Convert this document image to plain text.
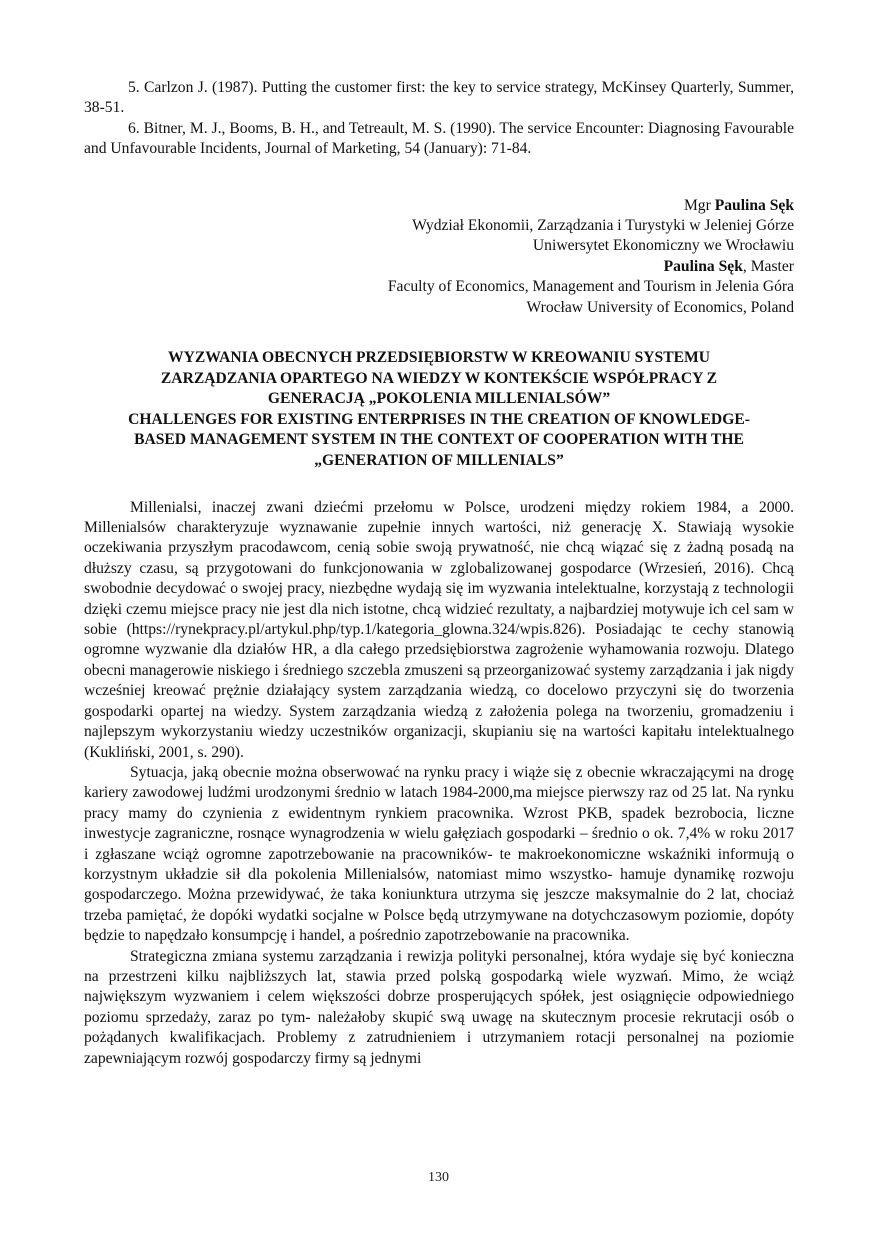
5. Carlzon J. (1987). Putting the customer first: the key to service strategy, McKinsey Quarterly, Summer, 38-51.

6. Bitner, M. J., Booms, B. H., and Tetreault, M. S. (1990). The service Encounter: Diagnosing Favourable and Unfavourable Incidents, Journal of Marketing, 54 (January): 71-84.

Mgr Paulina Sęk
Wydział Ekonomii, Zarządzania i Turystyki w Jeleniej Górze
Uniwersytet Ekonomiczny we Wrocławiu
Paulina Sęk, Master
Faculty of Economics, Management and Tourism in Jelenia Góra
Wrocław University of Economics, Poland
WYZWANIA OBECNYCH PRZEDSIĘBIORSTW W KREOWANIU SYSTEMU
ZARZĄDZANIA OPARTEGO NA WIEDZY W KONTEKŚCIE WSPÓŁPRACY Z
GENERACJĄ „POKOLENIA MILLENIALSÓW”
CHALLENGES FOR EXISTING ENTERPRISES IN THE CREATION OF KNOWLEDGE-
BASED MANAGEMENT SYSTEM IN THE CONTEXT OF COOPERATION WITH THE
„GENERATION OF MILLENIALS”

Millenialsi, inaczej zwani dziećmi przełomu w Polsce, urodzeni między rokiem 1984, a 2000. Millenialsów charakteryzuje wyznawanie zupełnie innych wartości, niż generację X. Stawiają wysokie oczekiwania przyszłym pracodawcom, cenią sobie swoją prywatność, nie chcą wiązać się z żadną posadą na dłuższy czasu, są przygotowani do funkcjonowania w zglobalizowanej gospodarce (Wrzesień, 2016). Chcą swobodnie decydować o swojej pracy, niezbędne wydają się im wyzwania intelektualne, korzystają z technologii dzięki czemu miejsce pracy nie jest dla nich istotne, chcą widzieć rezultaty, a najbardziej motywuje ich cel sam w sobie (https://rynekpracy.pl/artykul.php/typ.1/kategoria_glowna.324/wpis.826). Posiadając te cechy stanowią ogromne wyzwanie dla działów HR, a dla całego przedsiębiorstwa zagrożenie wyhamowania rozwoju. Dlatego obecni managerowie niskiego i średniego szczebla zmuszeni są przeorganizować systemy zarządzania i jak nigdy wcześniej kreować prężnie działający system zarządzania wiedzą, co docelowo przyczyni się do tworzenia gospodarki opartej na wiedzy. System zarządzania wiedzą z założenia polega na tworzeniu, gromadzeniu i najlepszym wykorzystaniu wiedzy uczestników organizacji, skupianiu się na wartości kapitału intelektualnego (Kukliński, 2001, s. 290).

Sytuacja, jaką obecnie można obserwować na rynku pracy i wiąże się z obecnie wkraczającymi na drogę kariery zawodowej ludźmi urodzonymi średnio w latach 1984-2000,ma miejsce pierwszy raz od 25 lat. Na rynku pracy mamy do czynienia z ewidentnym rynkiem pracownika. Wzrost PKB, spadek bezrobocia, liczne inwestycje zagraniczne, rosnące wynagrodzenia w wielu gałęziach gospodarki – średnio o ok. 7,4% w roku 2017 i zgłaszane wciąż ogromne zapotrzebowanie na pracowników- te makroekonomiczne wskaźniki informują o korzystnym układzie sił dla pokolenia Millenialsów, natomiast mimo wszystko- hamuje dynamikę rozwoju gospodarczego. Można przewidywać, że taka koniunktura utrzyma się jeszcze maksymalnie do 2 lat, chociaż trzeba pamiętać, że dopóki wydatki socjalne w Polsce będą utrzymywane na dotychczasowym poziomie, dopóty będzie to napędzało konsumpcję i handel, a pośrednio zapotrzebowanie na pracownika.

Strategiczna zmiana systemu zarządzania i rewizja polityki personalnej, która wydaje się być konieczna na przestrzeni kilku najbliższych lat, stawia przed polską gospodarką wiele wyzwań. Mimo, że wciąż największym wyzwaniem i celem większości dobrze prosperujących spółek, jest osiągnięcie odpowiedniego poziomu sprzedaży, zaraz po tym- należałoby skupić swą uwagę na skutecznym procesie rekrutacji osób o pożądanych kwalifikacjach. Problemy z zatrudnieniem i utrzymaniem rotacji personalnej na poziomie zapewniającym rozwój gospodarczy firmy są jednymi

130
